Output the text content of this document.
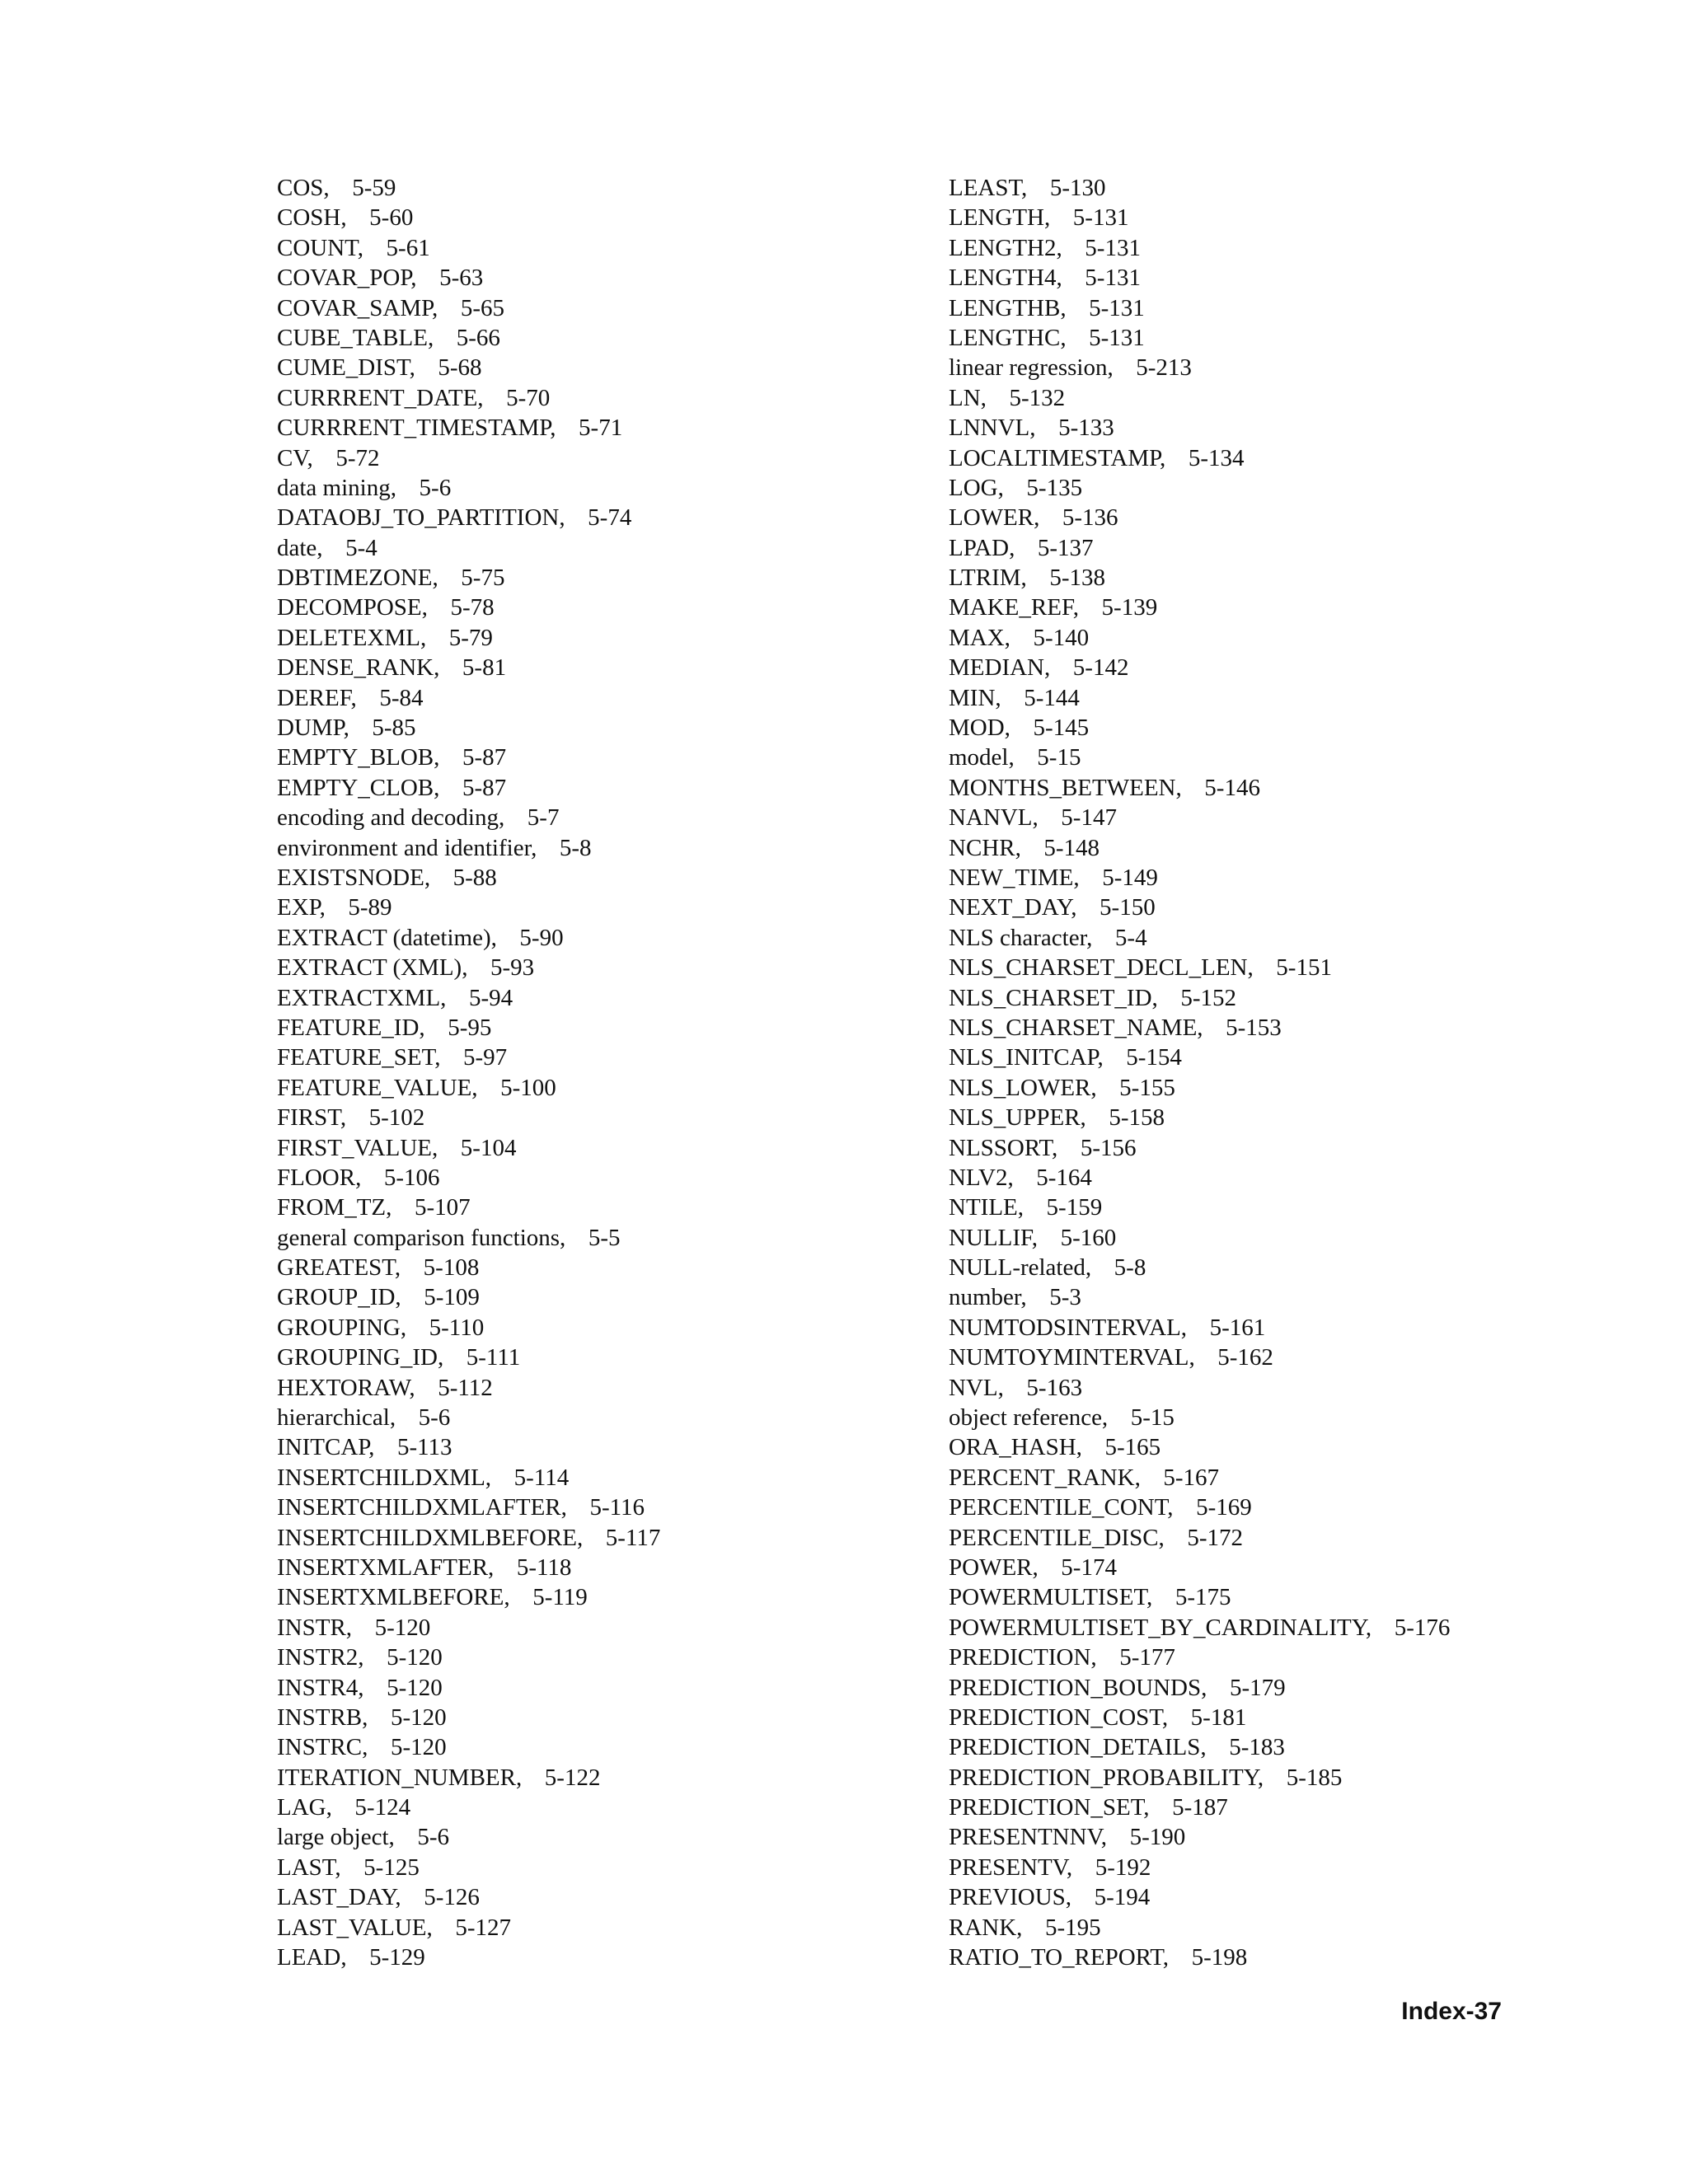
COS, 5-59
COSH, 5-60
COUNT, 5-61
COVAR_POP, 5-63
COVAR_SAMP, 5-65
CUBE_TABLE, 5-66
CUME_DIST, 5-68
CURRRENT_DATE, 5-70
CURRRENT_TIMESTAMP, 5-71
CV, 5-72
data mining, 5-6
DATAOBJ_TO_PARTITION, 5-74
date, 5-4
DBTIMEZONE, 5-75
DECOMPOSE, 5-78
DELETEXML, 5-79
DENSE_RANK, 5-81
DEREF, 5-84
DUMP, 5-85
EMPTY_BLOB, 5-87
EMPTY_CLOB, 5-87
encoding and decoding, 5-7
environment and identifier, 5-8
EXISTSNODE, 5-88
EXP, 5-89
EXTRACT (datetime), 5-90
EXTRACT (XML), 5-93
EXTRACTXML, 5-94
FEATURE_ID, 5-95
FEATURE_SET, 5-97
FEATURE_VALUE, 5-100
FIRST, 5-102
FIRST_VALUE, 5-104
FLOOR, 5-106
FROM_TZ, 5-107
general comparison functions, 5-5
GREATEST, 5-108
GROUP_ID, 5-109
GROUPING, 5-110
GROUPING_ID, 5-111
HEXTORAW, 5-112
hierarchical, 5-6
INITCAP, 5-113
INSERTCHILDXML, 5-114
INSERTCHILDXMLAFTER, 5-116
INSERTCHILDXMLBEFORE, 5-117
INSERTXMLAFTER, 5-118
INSERTXMLBEFORE, 5-119
INSTR, 5-120
INSTR2, 5-120
INSTR4, 5-120
INSTRB, 5-120
INSTRC, 5-120
ITERATION_NUMBER, 5-122
LAG, 5-124
large object, 5-6
LAST, 5-125
LAST_DAY, 5-126
LAST_VALUE, 5-127
LEAD, 5-129
LEAST, 5-130
LENGTH, 5-131
LENGTH2, 5-131
LENGTH4, 5-131
LENGTHB, 5-131
LENGTHC, 5-131
linear regression, 5-213
LN, 5-132
LNNVL, 5-133
LOCALTIMESTAMP, 5-134
LOG, 5-135
LOWER, 5-136
LPAD, 5-137
LTRIM, 5-138
MAKE_REF, 5-139
MAX, 5-140
MEDIAN, 5-142
MIN, 5-144
MOD, 5-145
model, 5-15
MONTHS_BETWEEN, 5-146
NANVL, 5-147
NCHR, 5-148
NEW_TIME, 5-149
NEXT_DAY, 5-150
NLS character, 5-4
NLS_CHARSET_DECL_LEN, 5-151
NLS_CHARSET_ID, 5-152
NLS_CHARSET_NAME, 5-153
NLS_INITCAP, 5-154
NLS_LOWER, 5-155
NLS_UPPER, 5-158
NLSSORT, 5-156
NLV2, 5-164
NTILE, 5-159
NULLIF, 5-160
NULL-related, 5-8
number, 5-3
NUMTODSINTERVAL, 5-161
NUMTOYMINTERVAL, 5-162
NVL, 5-163
object reference, 5-15
ORA_HASH, 5-165
PERCENT_RANK, 5-167
PERCENTILE_CONT, 5-169
PERCENTILE_DISC, 5-172
POWER, 5-174
POWERMULTISET, 5-175
POWERMULTISET_BY_CARDINALITY, 5-176
PREDICTION, 5-177
PREDICTION_BOUNDS, 5-179
PREDICTION_COST, 5-181
PREDICTION_DETAILS, 5-183
PREDICTION_PROBABILITY, 5-185
PREDICTION_SET, 5-187
PRESENTNNV, 5-190
PRESENTV, 5-192
PREVIOUS, 5-194
RANK, 5-195
RATIO_TO_REPORT, 5-198
Index-37
